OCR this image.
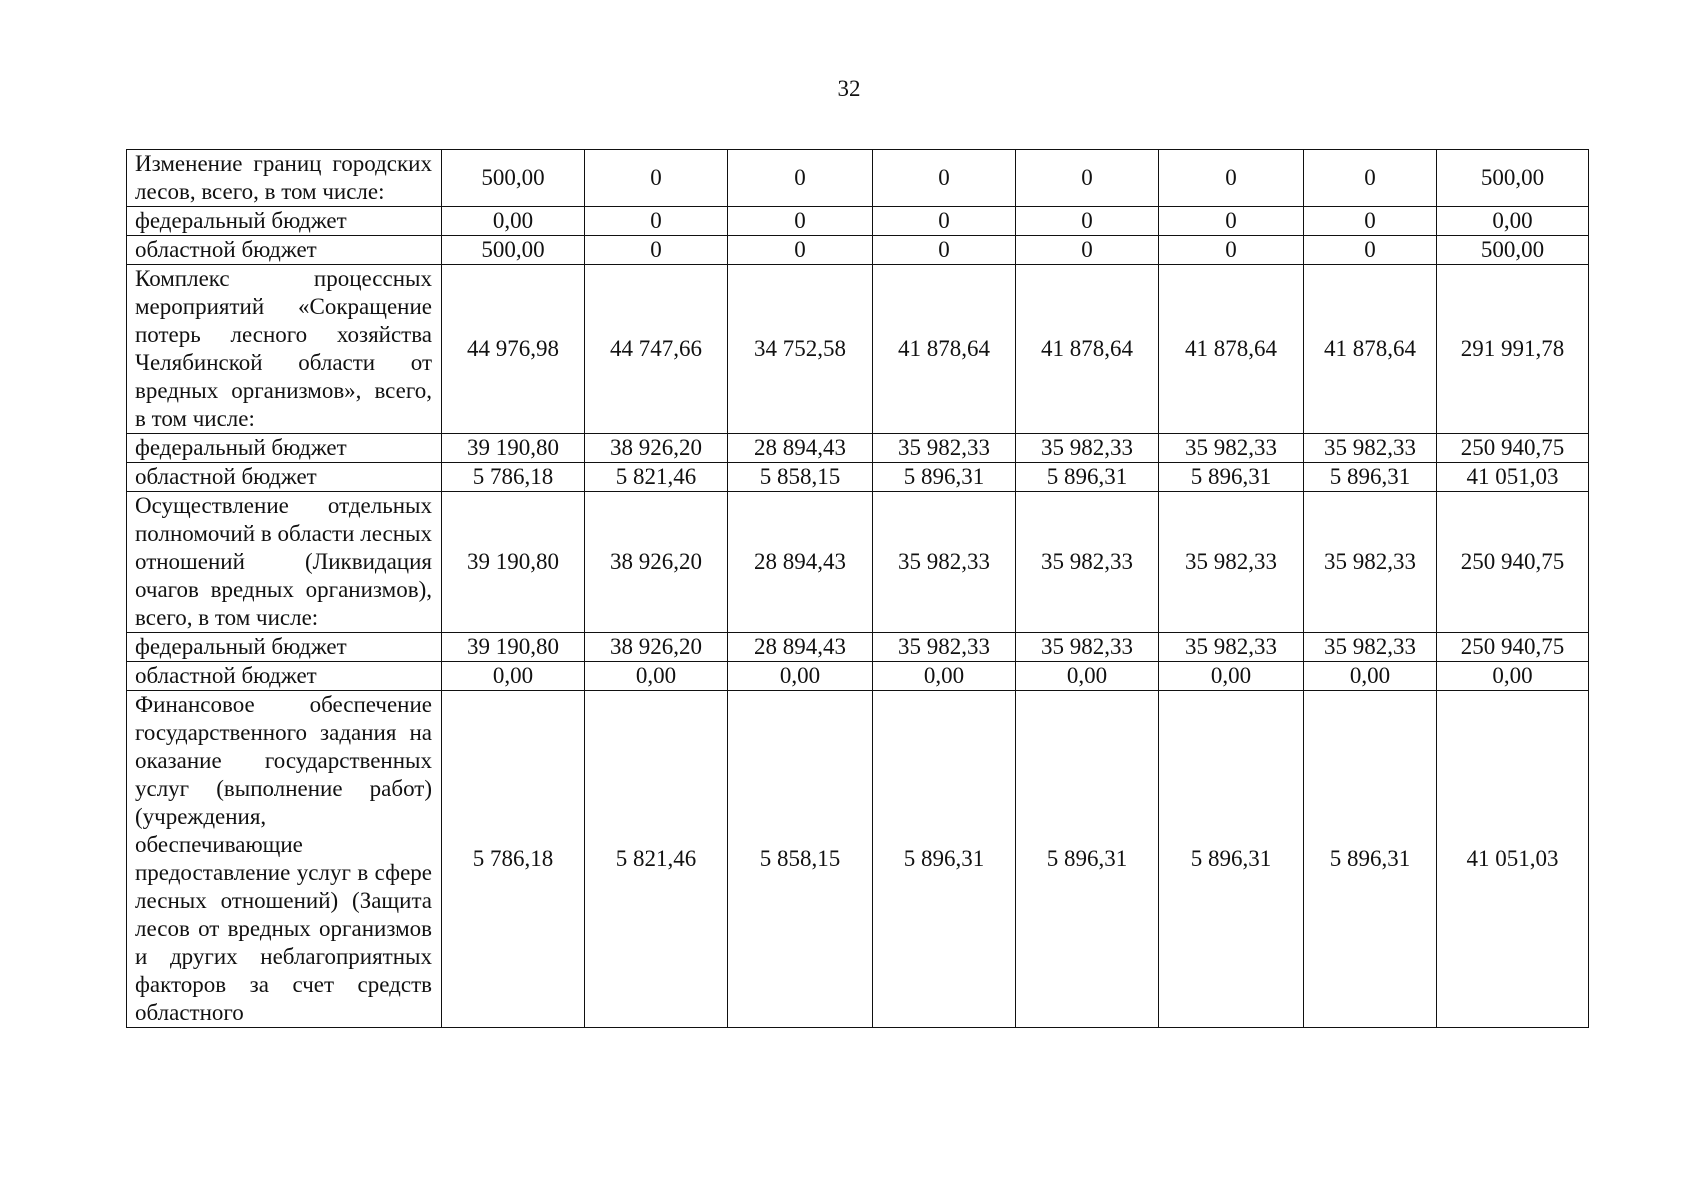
32
Изменение границ городских лесов, всего, в том числе:	500,00	0	0	0	0	0	0	500,00
федеральный бюджет	0,00	0	0	0	0	0	0	0,00
областной бюджет	500,00	0	0	0	0	0	0	500,00
Комплекс процессных мероприятий «Сокращение потерь лесного хозяйства Челябинской области от вредных организмов», всего, в том числе:	44 976,98	44 747,66	34 752,58	41 878,64	41 878,64	41 878,64	41 878,64	291 991,78
федеральный бюджет	39 190,80	38 926,20	28 894,43	35 982,33	35 982,33	35 982,33	35 982,33	250 940,75
областной бюджет	5 786,18	5 821,46	5 858,15	5 896,31	5 896,31	5 896,31	5 896,31	41 051,03
Осуществление отдельных полномочий в области лесных отношений (Ликвидация очагов вредных организмов), всего, в том числе:	39 190,80	38 926,20	28 894,43	35 982,33	35 982,33	35 982,33	35 982,33	250 940,75
федеральный бюджет	39 190,80	38 926,20	28 894,43	35 982,33	35 982,33	35 982,33	35 982,33	250 940,75
областной бюджет	0,00	0,00	0,00	0,00	0,00	0,00	0,00	0,00
Финансовое обеспечение государственного задания на оказание государственных услуг (выполнение работ) (учреждения, обеспечивающие предоставление услуг в сфере лесных отношений) (Защита лесов от вредных организмов и других неблагоприятных факторов за счет средств областного	5 786,18	5 821,46	5 858,15	5 896,31	5 896,31	5 896,31	5 896,31	41 051,03
